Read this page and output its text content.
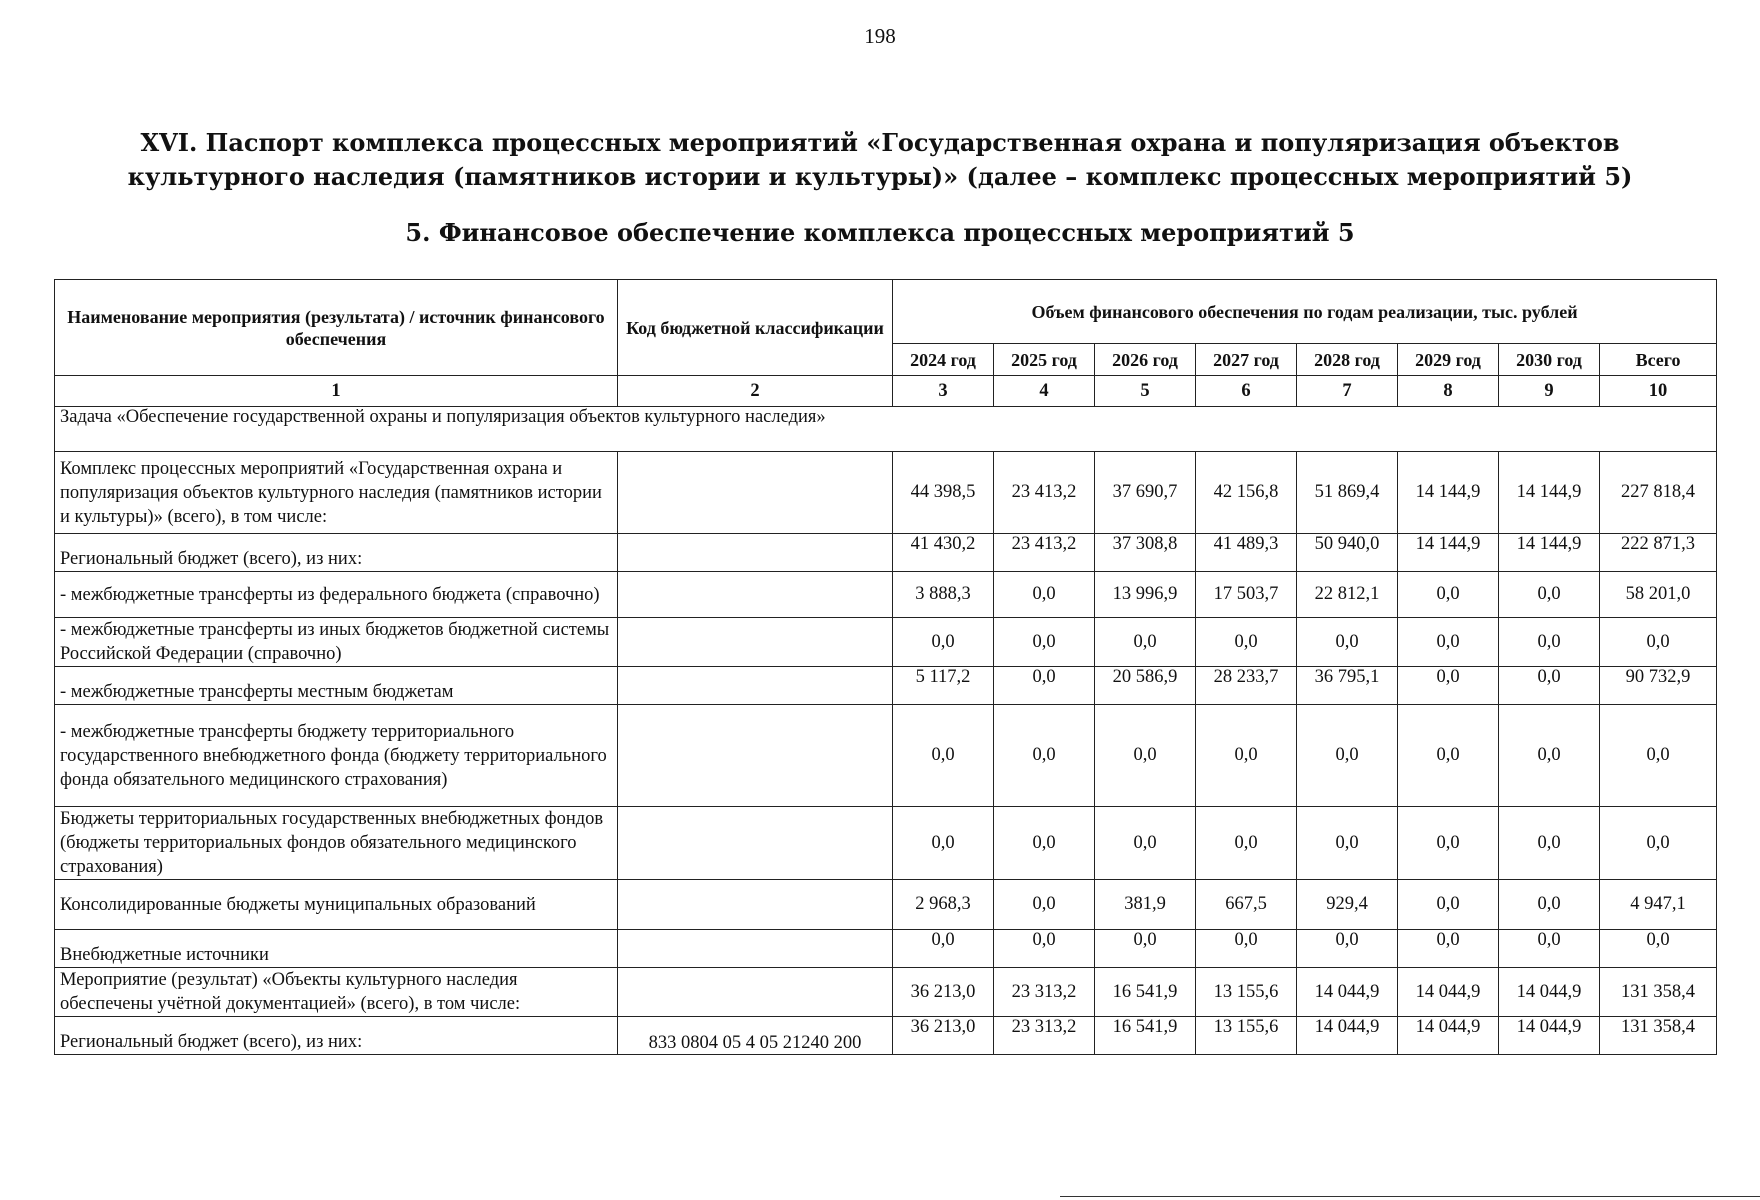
198
XVI. Паспорт комплекса процессных мероприятий «Государственная охрана и популяризация объектов культурного наследия (памятников истории и культуры)» (далее – комплекс процессных мероприятий 5)
5. Финансовое обеспечение комплекса процессных мероприятий 5
Наименование мероприятия (результата) / источник финансового обеспечения	Код бюджетной классификации	Объем финансового обеспечения по годам реализации, тыс. рублей							
		2024 год	2025 год	2026 год	2027 год	2028 год	2029 год	2030 год	Всего
1	2	3	4	5	6	7	8	9	10
Задача «Обеспечение государственной охраны и популяризация объектов культурного наследия»									
Комплекс процессных мероприятий «Государственная охрана и популяризация объектов культурного наследия (памятников истории и культуры)» (всего), в том числе:		44 398,5	23 413,2	37 690,7	42 156,8	51 869,4	14 144,9	14 144,9	227 818,4
Региональный бюджет (всего), из них:		41 430,2	23 413,2	37 308,8	41 489,3	50 940,0	14 144,9	14 144,9	222 871,3
- межбюджетные трансферты из федерального бюджета (справочно)		3 888,3	0,0	13 996,9	17 503,7	22 812,1	0,0	0,0	58 201,0
- межбюджетные трансферты из иных бюджетов бюджетной системы Российской Федерации (справочно)		0,0	0,0	0,0	0,0	0,0	0,0	0,0	0,0
- межбюджетные трансферты местным бюджетам		5 117,2	0,0	20 586,9	28 233,7	36 795,1	0,0	0,0	90 732,9
- межбюджетные трансферты бюджету территориального государственного внебюджетного фонда (бюджету территориального фонда обязательного медицинского страхования)		0,0	0,0	0,0	0,0	0,0	0,0	0,0	0,0
Бюджеты территориальных государственных внебюджетных фондов (бюджеты территориальных фондов обязательного медицинского страхования)		0,0	0,0	0,0	0,0	0,0	0,0	0,0	0,0
Консолидированные бюджеты муниципальных образований		2 968,3	0,0	381,9	667,5	929,4	0,0	0,0	4 947,1
Внебюджетные источники		0,0	0,0	0,0	0,0	0,0	0,0	0,0	0,0
Мероприятие (результат) «Объекты культурного наследия обеспечены учётной документацией» (всего), в том числе:		36 213,0	23 313,2	16 541,9	13 155,6	14 044,9	14 044,9	14 044,9	131 358,4
Региональный бюджет (всего), из них:	833 0804 05 4 05 21240 200	36 213,0	23 313,2	16 541,9	13 155,6	14 044,9	14 044,9	14 044,9	131 358,4
